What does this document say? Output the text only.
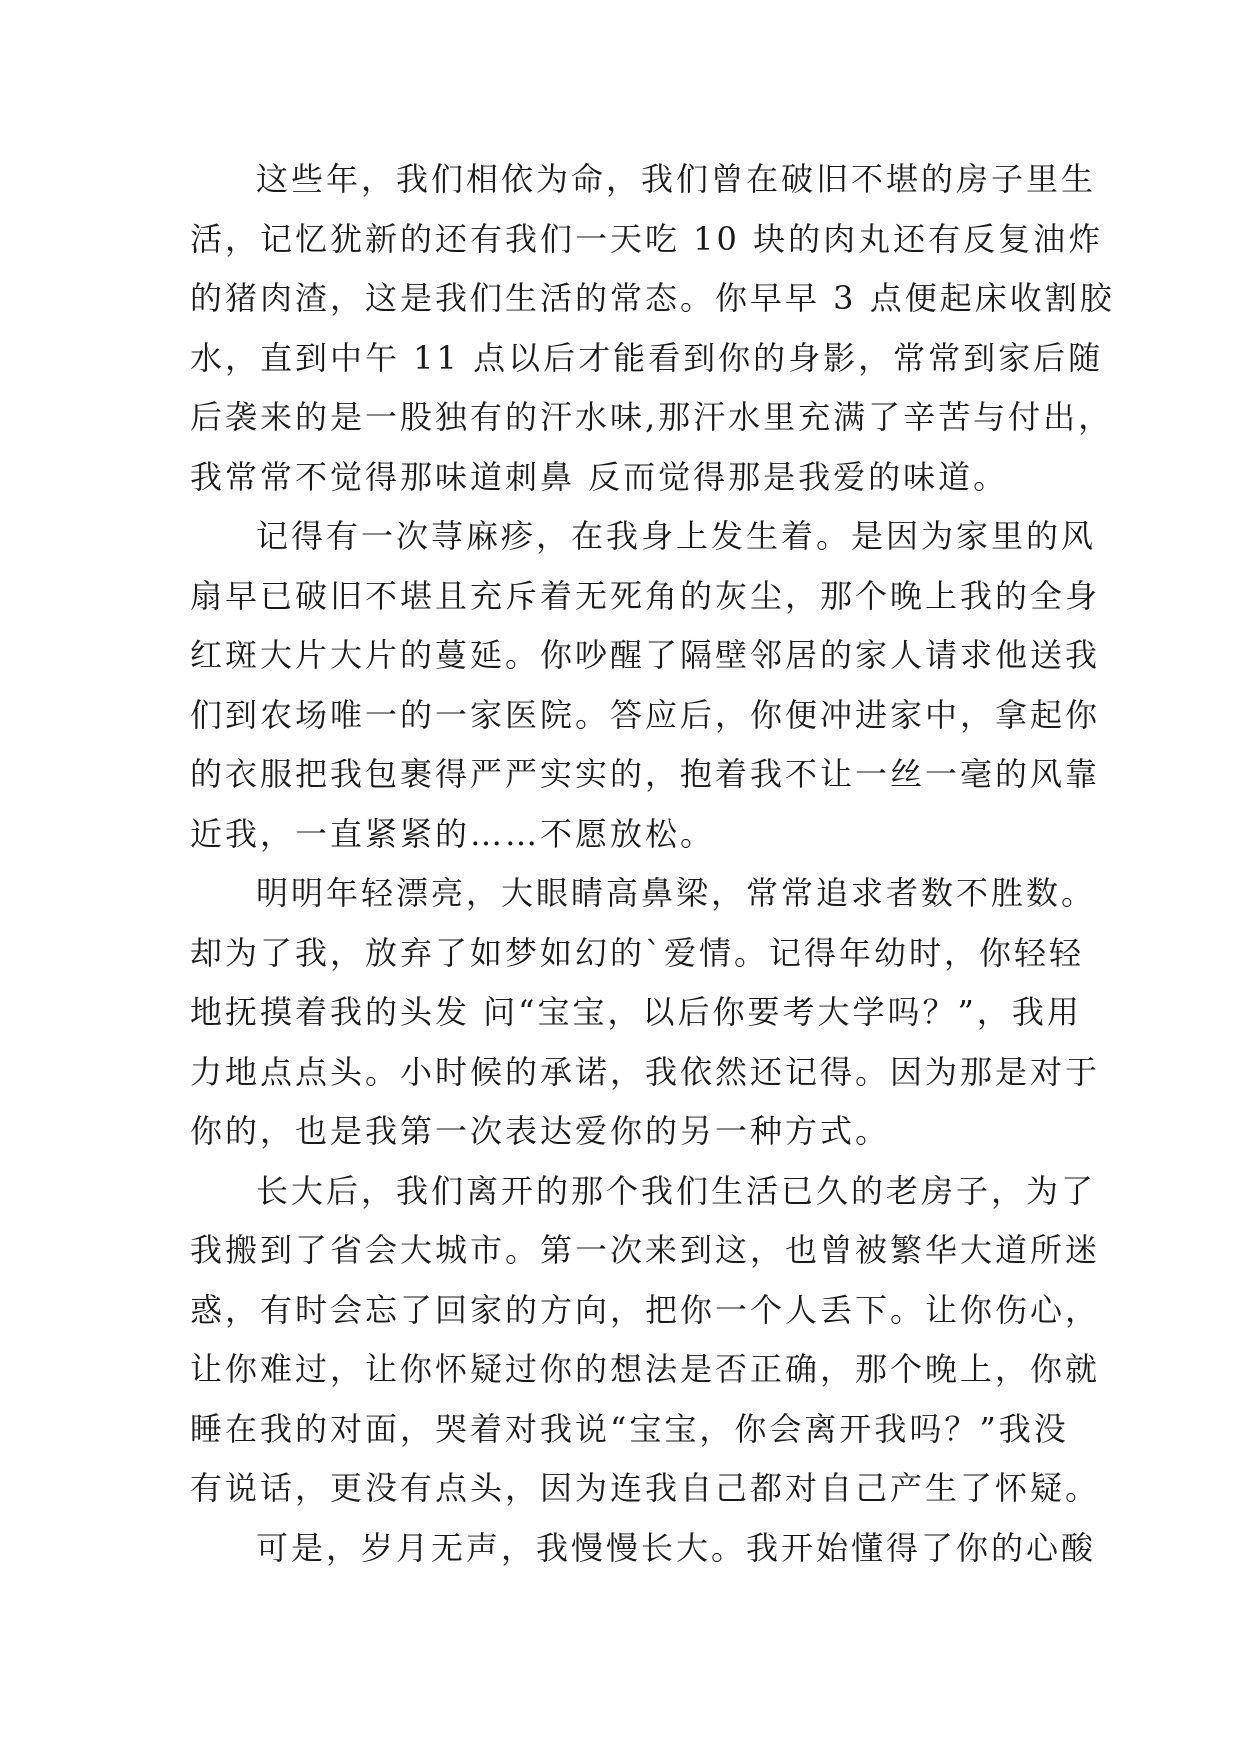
这些年，我们相依为命，我们曾在破旧不堪的房子里生
活，记忆犹新的还有我们一天吃 10 块的肉丸还有反复油炸
的猪肉渣，这是我们生活的常态。你早早 3 点便起床收割胶
水，直到中午 11 点以后才能看到你的身影，常常到家后随
后袭来的是一股独有的汗水味,那汗水里充满了辛苦与付出，
我常常不觉得那味道刺鼻 反而觉得那是我爱的味道。
记得有一次荨麻疹，在我身上发生着。是因为家里的风
扇早已破旧不堪且充斥着无死角的灰尘，那个晚上我的全身
红斑大片大片的蔓延。你吵醒了隔壁邻居的家人请求他送我
们到农场唯一的一家医院。答应后，你便冲进家中，拿起你
的衣服把我包裹得严严实实的，抱着我不让一丝一毫的风靠
近我，一直紧紧的……不愿放松。
明明年轻漂亮，大眼睛高鼻梁，常常追求者数不胜数。
却为了我，放弃了如梦如幻的`爱情。记得年幼时，你轻轻
地抚摸着我的头发 问“宝宝，以后你要考大学吗？”，我用
力地点点头。小时候的承诺，我依然还记得。因为那是对于
你的，也是我第一次表达爱你的另一种方式。
长大后，我们离开的那个我们生活已久的老房子，为了
我搬到了省会大城市。第一次来到这，也曾被繁华大道所迷
惑，有时会忘了回家的方向，把你一个人丢下。让你伤心，
让你难过，让你怀疑过你的想法是否正确，那个晚上，你就
睡在我的对面，哭着对我说“宝宝，你会离开我吗？”我没
有说话，更没有点头，因为连我自己都对自己产生了怀疑。
可是，岁月无声，我慢慢长大。我开始懂得了你的心酸
